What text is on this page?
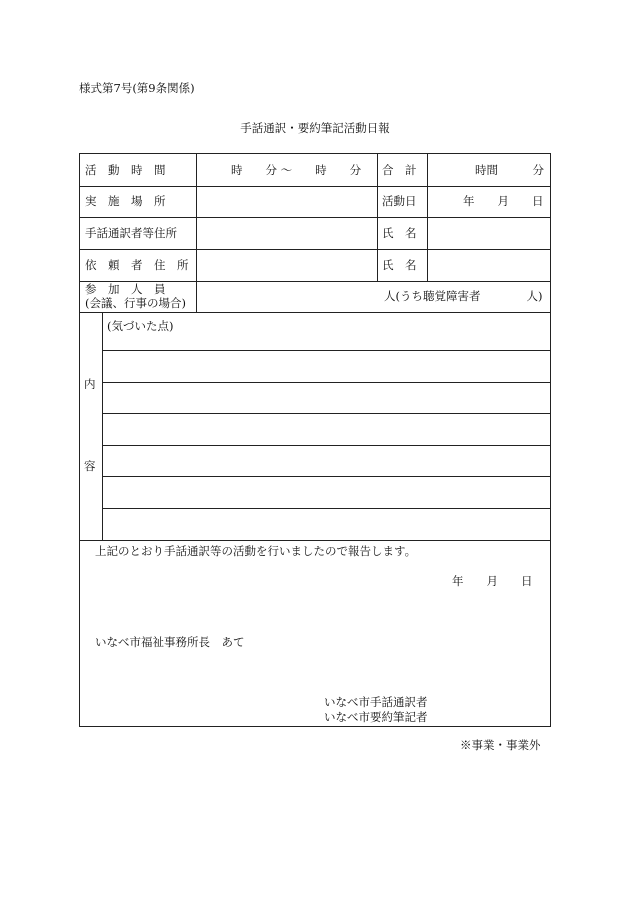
様式第7号(第9条関係)
手話通訳・要約筆記活動日報
活　動　時　間	時　　分 ～　　時　　分 合　計	時間　　　分
実　施　場　所	活動日	年　　月　　日
手話通訳者等住所	氏　名
依　頼　者　住　所	氏　名
参　加　人　員
(会議、行事の場合)	人(うち聴覚障害者　　　　人)
内
容
(気づいた点)
上記のとおり手話通訳等の活動を行いましたので報告します。
年　　月　　日
いなべ市福祉事務所長　あて
いなべ市手話通訳者
いなべ市要約筆記者
※事業・事業外
